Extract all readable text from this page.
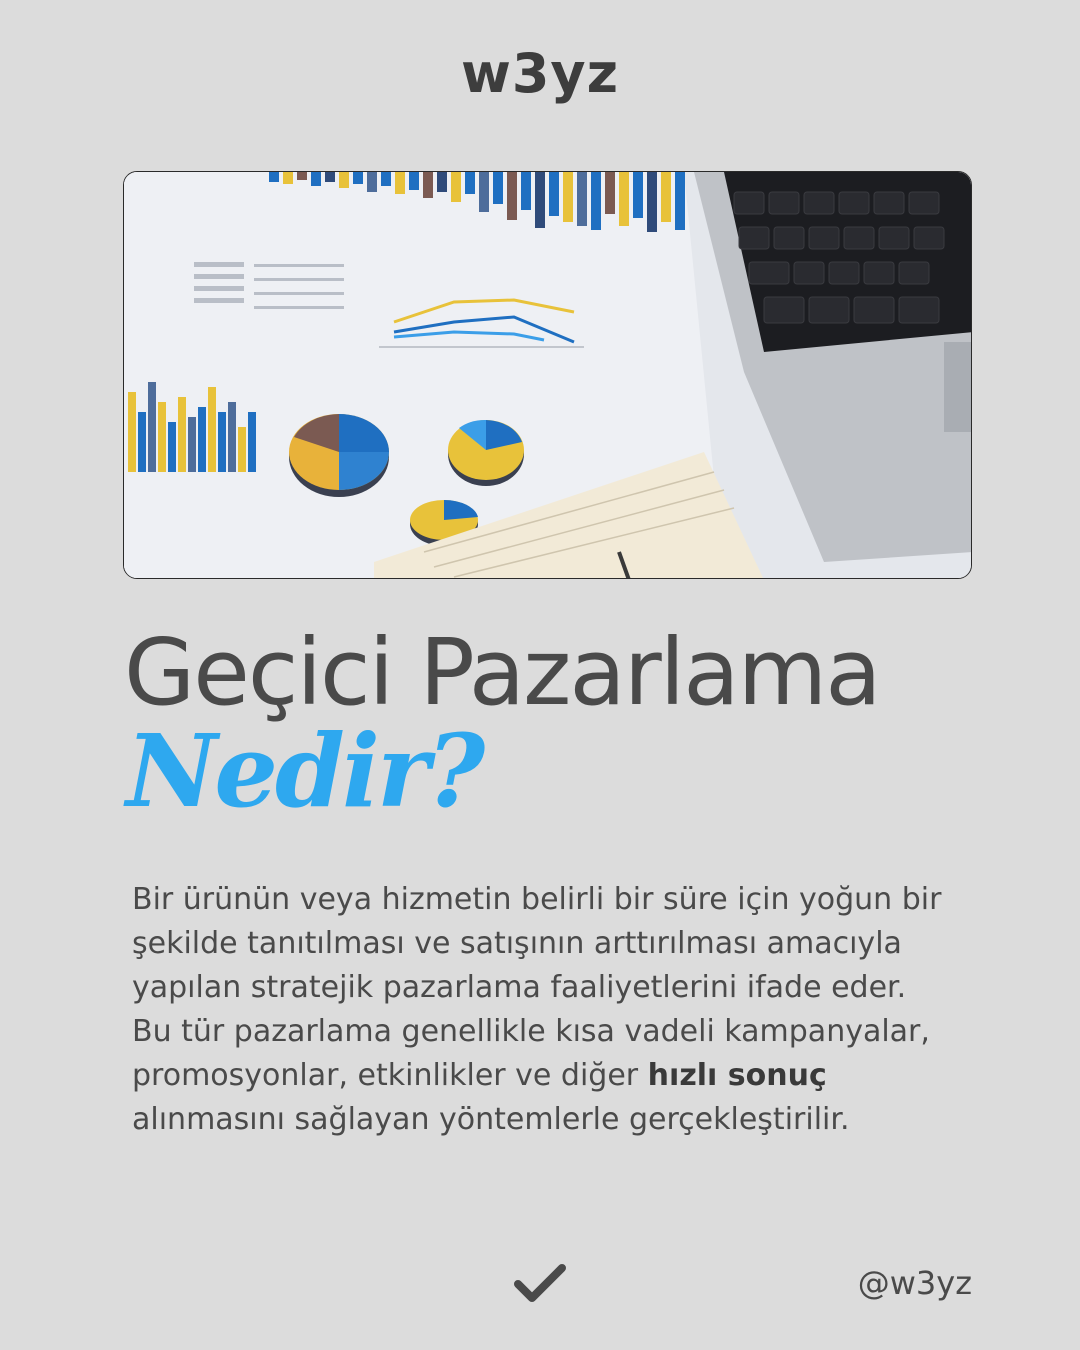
w3yz
Geçici Pazarlama
Nedir?
Bir ürünün veya hizmetin belirli bir süre için yoğun bir
şekilde tanıtılması ve satışının arttırılması amacıyla
yapılan stratejik pazarlama faaliyetlerini ifade eder.
Bu tür pazarlama genellikle kısa vadeli kampanyalar,
promosyonlar, etkinlikler ve diğer hızlı sonuç
alınmasını sağlayan yöntemlerle gerçekleştirilir.
@w3yz
